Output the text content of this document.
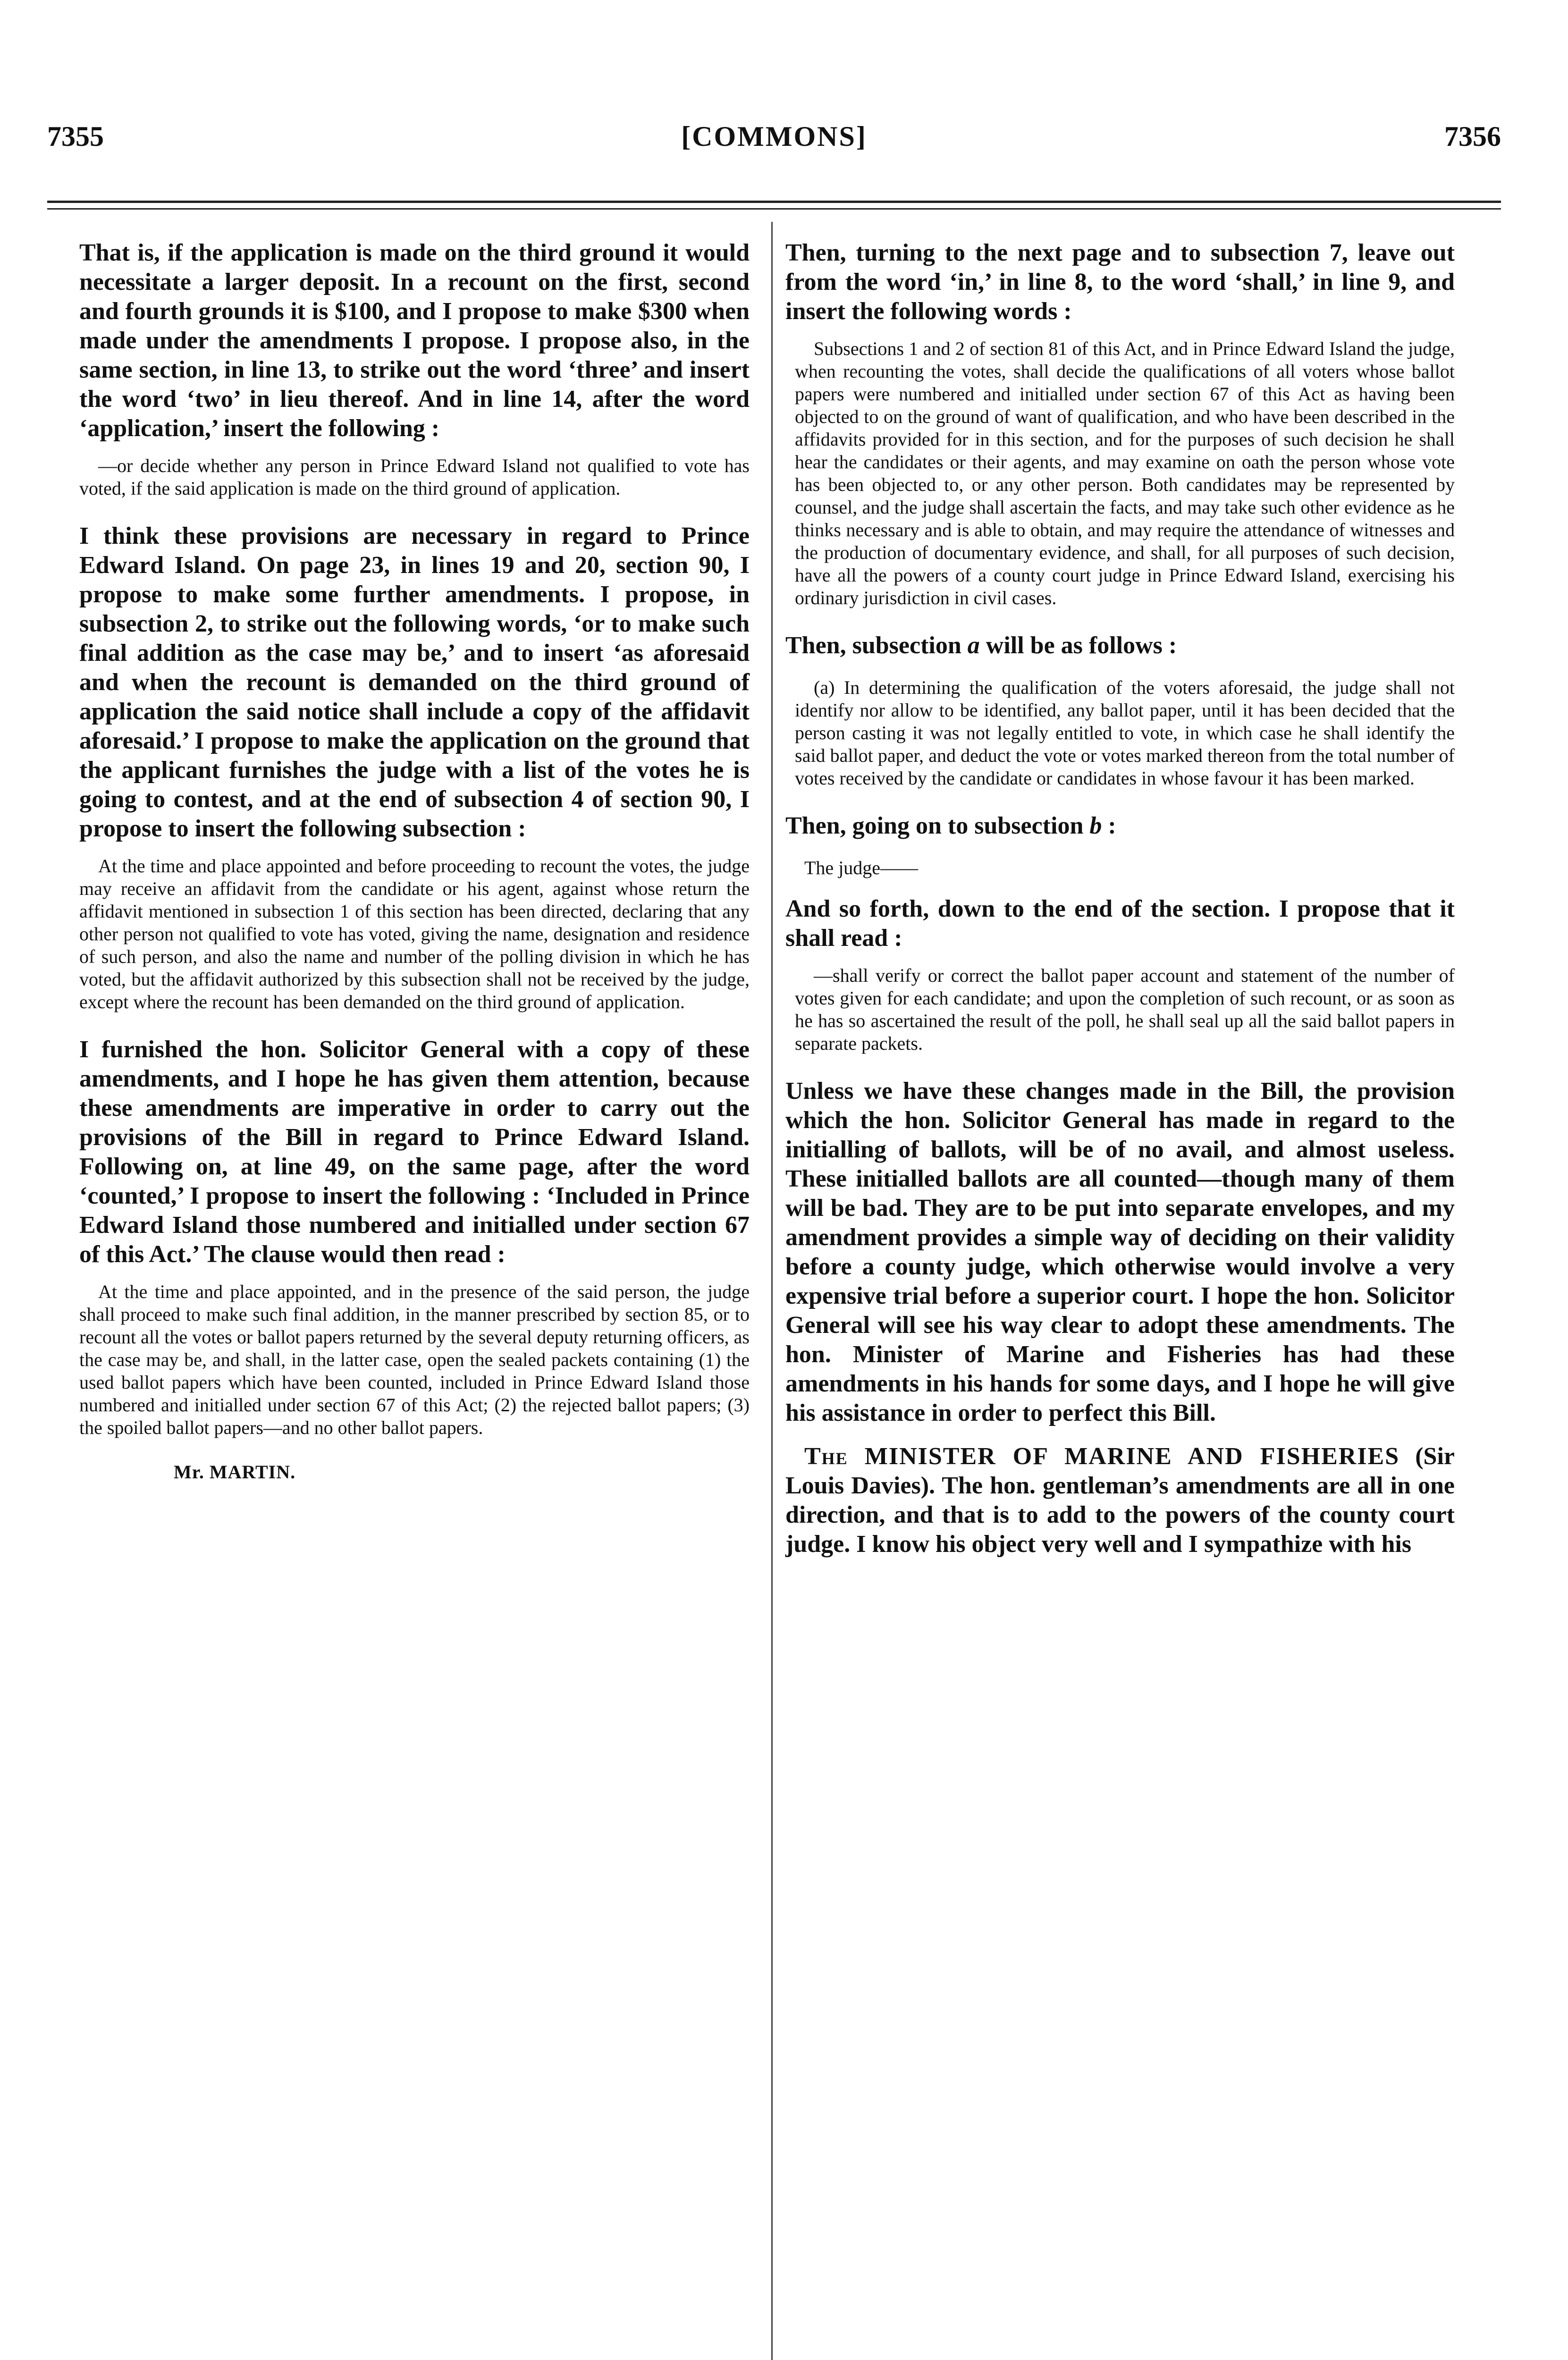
7355	[COMMONS]	7356

That is, if the application is made on the third ground it would necessitate a larger deposit. In a recount on the first, second and fourth grounds it is $100, and I propose to make $300 when made under the amendments I propose. I propose also, in the same section, in line 13, to strike out the word ‘three’ and insert the word ‘two’ in lieu thereof. And in line 14, after the word ‘application,’ insert the following :

—or decide whether any person in Prince Edward Island not qualified to vote has voted, if the said application is made on the third ground of application.

I think these provisions are necessary in regard to Prince Edward Island. On page 23, in lines 19 and 20, section 90, I propose to make some further amendments. I propose, in subsection 2, to strike out the following words, ‘or to make such final addition as the case may be,’ and to insert ‘as aforesaid and when the recount is demanded on the third ground of application the said notice shall include a copy of the affidavit aforesaid.’ I propose to make the application on the ground that the applicant furnishes the judge with a list of the votes he is going to contest, and at the end of subsection 4 of section 90, I propose to insert the following subsection :

At the time and place appointed and before proceeding to recount the votes, the judge may receive an affidavit from the candidate or his agent, against whose return the affidavit mentioned in subsection 1 of this section has been directed, declaring that any other person not qualified to vote has voted, giving the name, designation and residence of such person, and also the name and number of the polling division in which he has voted, but the affidavit authorized by this subsection shall not be received by the judge, except where the recount has been demanded on the third ground of application.

I furnished the hon. Solicitor General with a copy of these amendments, and I hope he has given them attention, because these amendments are imperative in order to carry out the provisions of the Bill in regard to Prince Edward Island. Following on, at line 49, on the same page, after the word ‘counted,’ I propose to insert the following : ‘Included in Prince Edward Island those numbered and initialled under section 67 of this Act.’ The clause would then read :

At the time and place appointed, and in the presence of the said person, the judge shall proceed to make such final addition, in the manner prescribed by section 85, or to recount all the votes or ballot papers returned by the several deputy returning officers, as the case may be, and shall, in the latter case, open the sealed packets containing (1) the used ballot papers which have been counted, included in Prince Edward Island those numbered and initialled under section 67 of this Act; (2) the rejected ballot papers; (3) the spoiled ballot papers—and no other ballot papers.

Mr. MARTIN.

Then, turning to the next page and to subsection 7, leave out from the word ‘in,’ in line 8, to the word ‘shall,’ in line 9, and insert the following words :

Subsections 1 and 2 of section 81 of this Act, and in Prince Edward Island the judge, when recounting the votes, shall decide the qualifications of all voters whose ballot papers were numbered and initialled under section 67 of this Act as having been objected to on the ground of want of qualification, and who have been described in the affidavits provided for in this section, and for the purposes of such decision he shall hear the candidates or their agents, and may examine on oath the person whose vote has been objected to, or any other person. Both candidates may be represented by counsel, and the judge shall ascertain the facts, and may take such other evidence as he thinks necessary and is able to obtain, and may require the attendance of witnesses and the production of documentary evidence, and shall, for all purposes of such decision, have all the powers of a county court judge in Prince Edward Island, exercising his ordinary jurisdiction in civil cases.

Then, subsection a will be as follows :

(a) In determining the qualification of the voters aforesaid, the judge shall not identify nor allow to be identified, any ballot paper, until it has been decided that the person casting it was not legally entitled to vote, in which case he shall identify the said ballot paper, and deduct the vote or votes marked thereon from the total number of votes received by the candidate or candidates in whose favour it has been marked.

Then, going on to subsection b :
The judge——

And so forth, down to the end of the section. I propose that it shall read :

—shall verify or correct the ballot paper account and statement of the number of votes given for each candidate; and upon the completion of such recount, or as soon as he has so ascertained the result of the poll, he shall seal up all the said ballot papers in separate packets.

Unless we have these changes made in the Bill, the provision which the hon. Solicitor General has made in regard to the initialling of ballots, will be of no avail, and almost useless. These initialled ballots are all counted—though many of them will be bad. They are to be put into separate envelopes, and my amendment provides a simple way of deciding on their validity before a county judge, which otherwise would involve a very expensive trial before a superior court. I hope the hon. Solicitor General will see his way clear to adopt these amendments. The hon. Minister of Marine and Fisheries has had these amendments in his hands for some days, and I hope he will give his assistance in order to perfect this Bill.

The MINISTER OF MARINE AND FISHERIES (Sir Louis Davies). The hon. gentleman’s amendments are all in one direction, and that is to add to the powers of the county court judge. I know his object very well and I sympathize with his
